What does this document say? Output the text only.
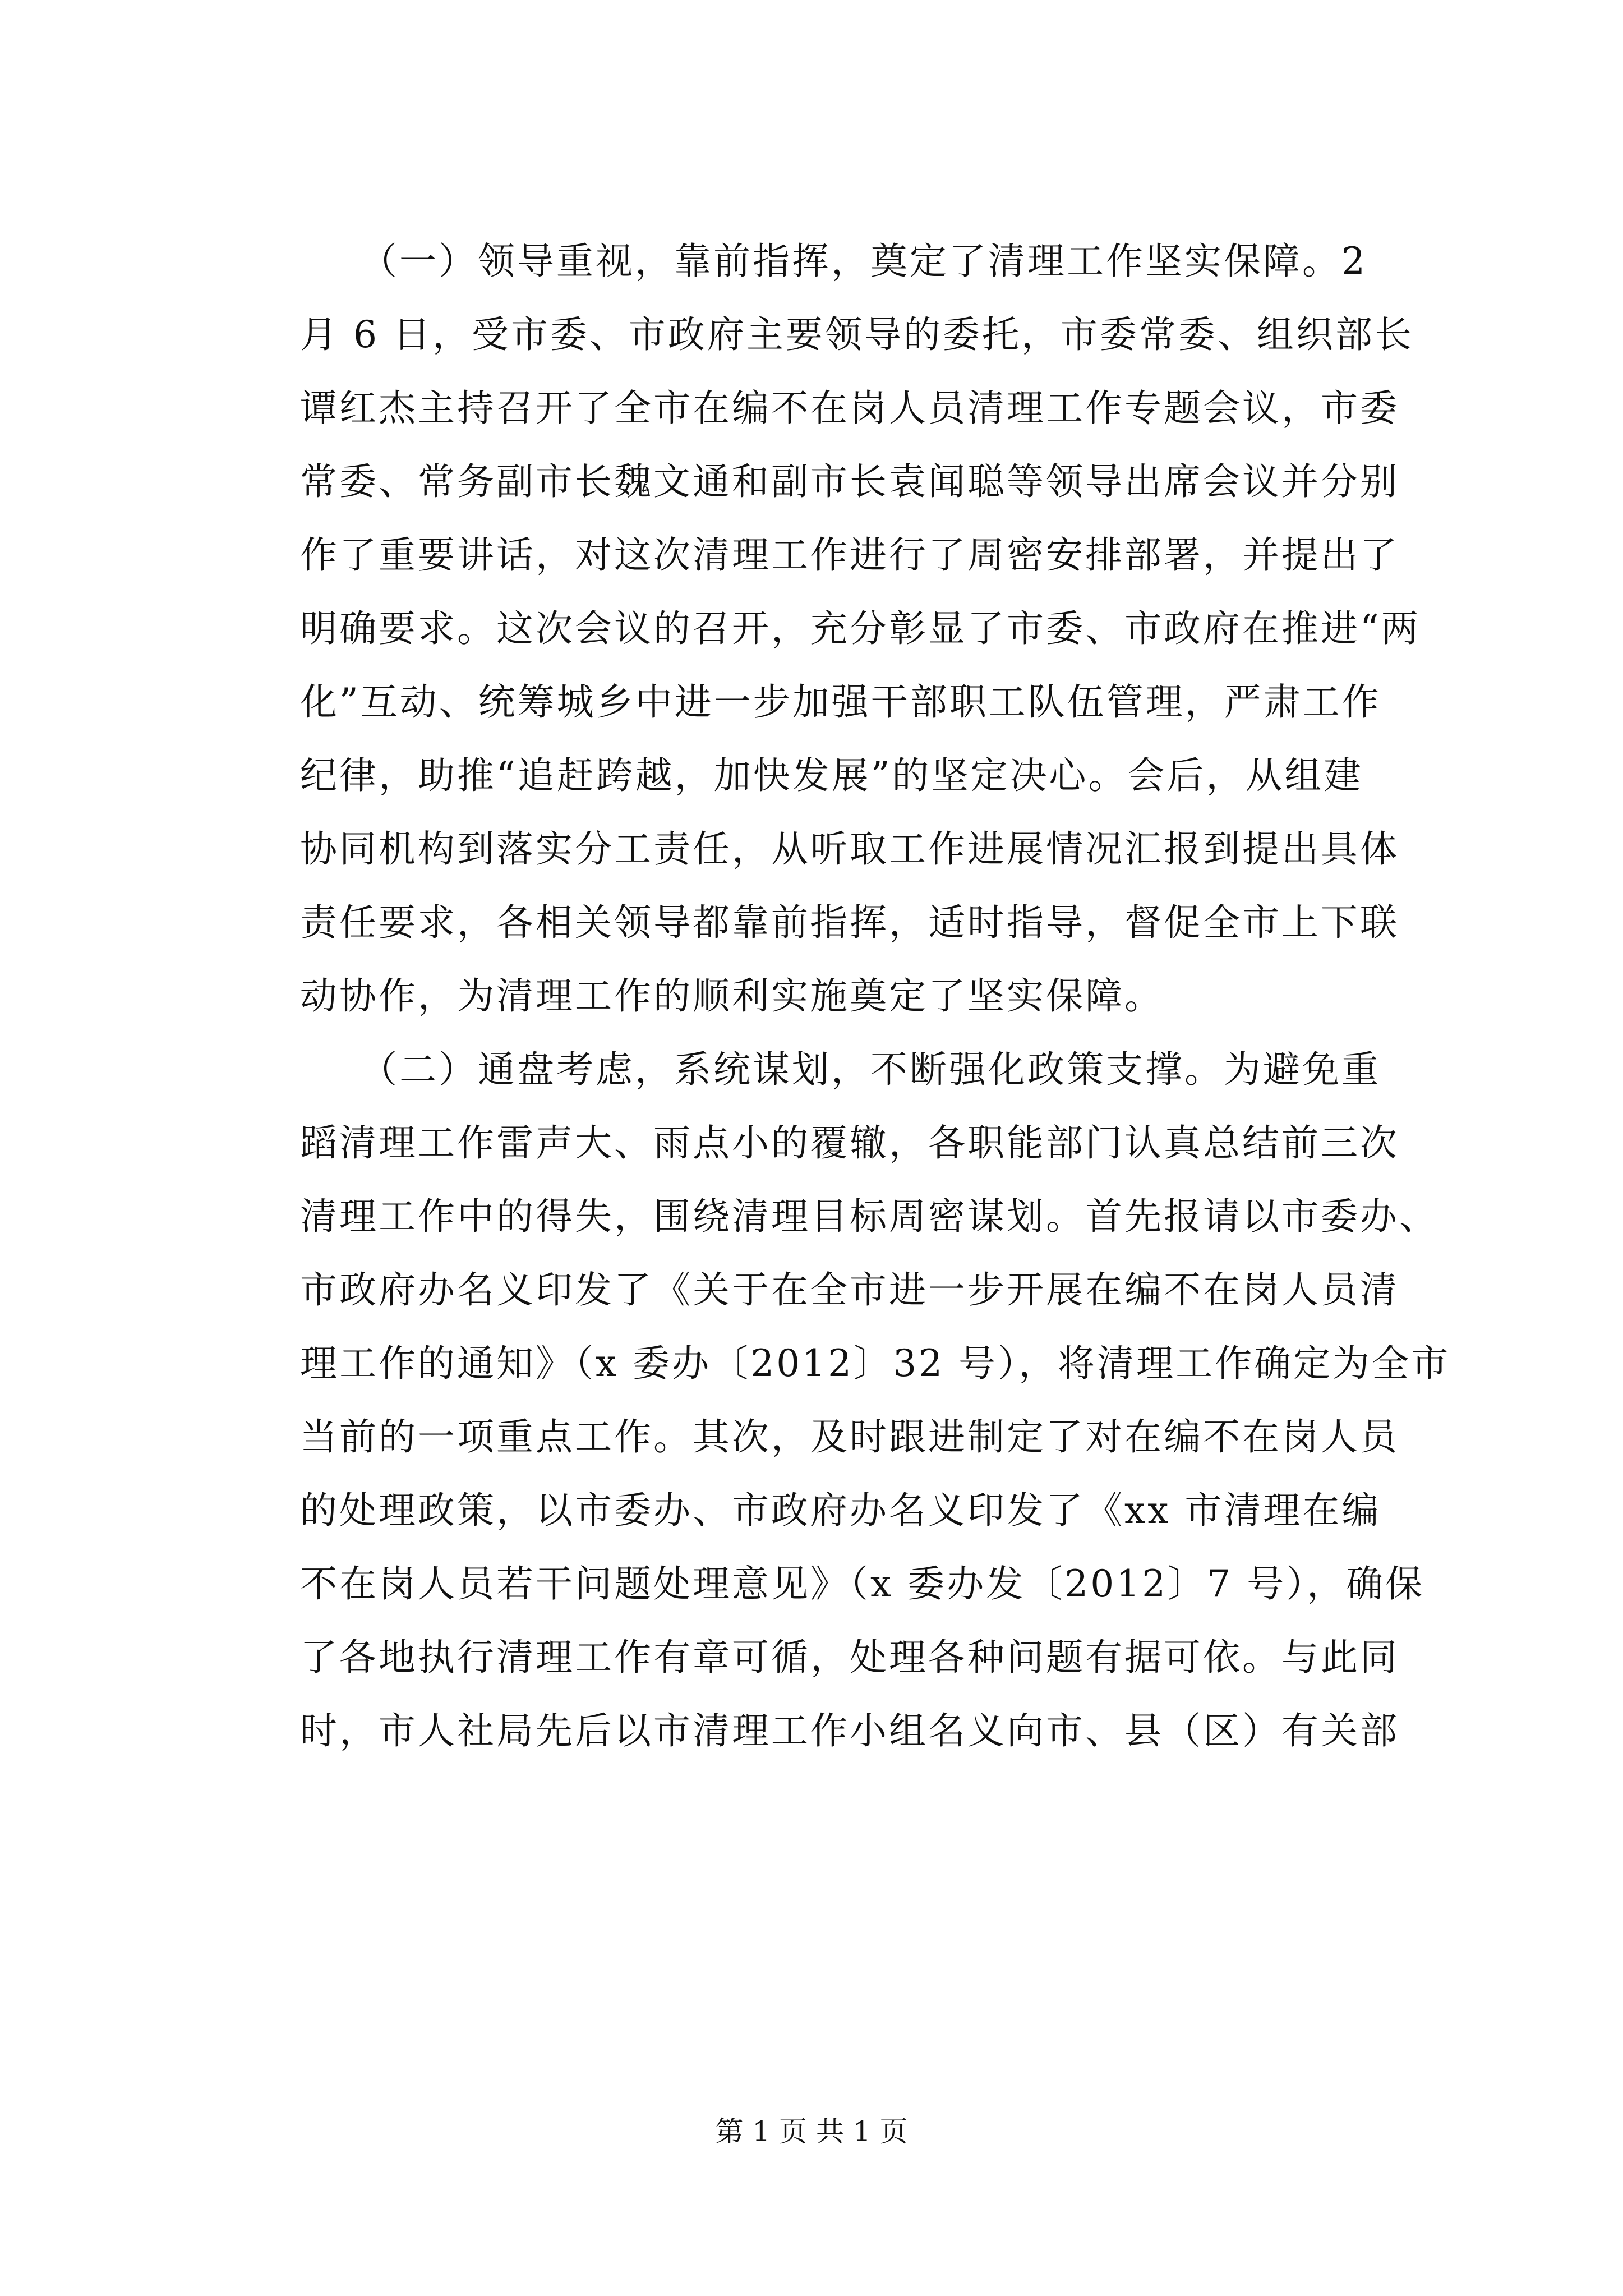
　　（一）领导重视，靠前指挥，奠定了清理工作坚实保障。2
月 6 日，受市委、市政府主要领导的委托，市委常委、组织部长
谭红杰主持召开了全市在编不在岗人员清理工作专题会议，市委
常委、常务副市长魏文通和副市长袁闻聪等领导出席会议并分别
作了重要讲话，对这次清理工作进行了周密安排部署，并提出了
明确要求。这次会议的召开，充分彰显了市委、市政府在推进“两
化”互动、统筹城乡中进一步加强干部职工队伍管理，严肃工作
纪律，助推“追赶跨越，加快发展”的坚定决心。会后，从组建
协同机构到落实分工责任，从听取工作进展情况汇报到提出具体
责任要求，各相关领导都靠前指挥，适时指导，督促全市上下联
动协作，为清理工作的顺利实施奠定了坚实保障。
　　（二）通盘考虑，系统谋划，不断强化政策支撑。为避免重
蹈清理工作雷声大、雨点小的覆辙，各职能部门认真总结前三次
清理工作中的得失，围绕清理目标周密谋划。首先报请以市委办、
市政府办名义印发了《关于在全市进一步开展在编不在岗人员清
理工作的通知》（x 委办〔2012〕32 号），将清理工作确定为全市
当前的一项重点工作。其次，及时跟进制定了对在编不在岗人员
的处理政策，以市委办、市政府办名义印发了《xx 市清理在编
不在岗人员若干问题处理意见》（x 委办发〔2012〕7 号），确保
了各地执行清理工作有章可循，处理各种问题有据可依。与此同
时，市人社局先后以市清理工作小组名义向市、县（区）有关部
第 1 页 共 1 页
